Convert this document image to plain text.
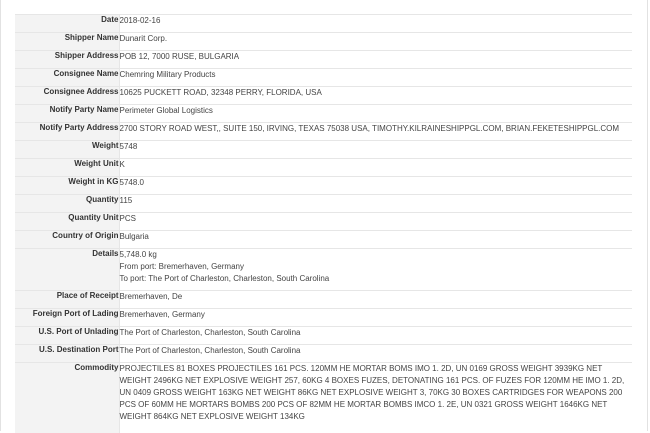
Date	2018-02-16
Shipper Name	Dunarit Corp.
Shipper Address	POB 12, 7000 RUSE, BULGARIA
Consignee Name	Chemring Military Products
Consignee Address	10625 PUCKETT ROAD, 32348 PERRY, FLORIDA, USA
Notify Party Name	Perimeter Global Logistics
Notify Party Address	2700 STORY ROAD WEST,, SUITE 150, IRVING, TEXAS 75038 USA, TIMOTHY.KILRAINESHIPPGL.COM, BRIAN.FEKETESHIPPGL.COM
Weight	5748
Weight Unit	K
Weight in KG	5748.0
Quantity	115
Quantity Unit	PCS
Country of Origin	Bulgaria
Details	5,748.0 kg
From port: Bremerhaven, Germany
To port: The Port of Charleston, Charleston, South Carolina

Place of Receipt	Bremerhaven, De
Foreign Port of Lading	Bremerhaven, Germany
U.S. Port of Unlading	The Port of Charleston, Charleston, South Carolina
U.S. Destination Port	The Port of Charleston, Charleston, South Carolina
Commodity	PROJECTILES 81 BOXES PROJECTILES 161 PCS. 120MM HE MORTAR BOMS IMO 1. 2D, UN 0169 GROSS WEIGHT 3939KG NET WEIGHT 2496KG NET EXPLOSIVE WEIGHT 257, 60KG 4 BOXES FUZES, DETONATING 161 PCS. OF FUZES FOR 120MM HE IMO 1. 2D, UN 0409 GROSS WEIGHT 163KG NET WEIGHT 86KG NET EXPLOSIVE WEIGHT 3, 70KG 30 BOXES CARTRIDGES FOR WEAPONS 200 PCS OF 60MM HE MORTARS BOMBS 200 PCS OF 82MM HE MORTAR BOMBS IMCO 1. 2E, UN 0321 GROSS WEIGHT 1646KG NET WEIGHT 864KG NET EXPLOSIVE WEIGHT 134KG
